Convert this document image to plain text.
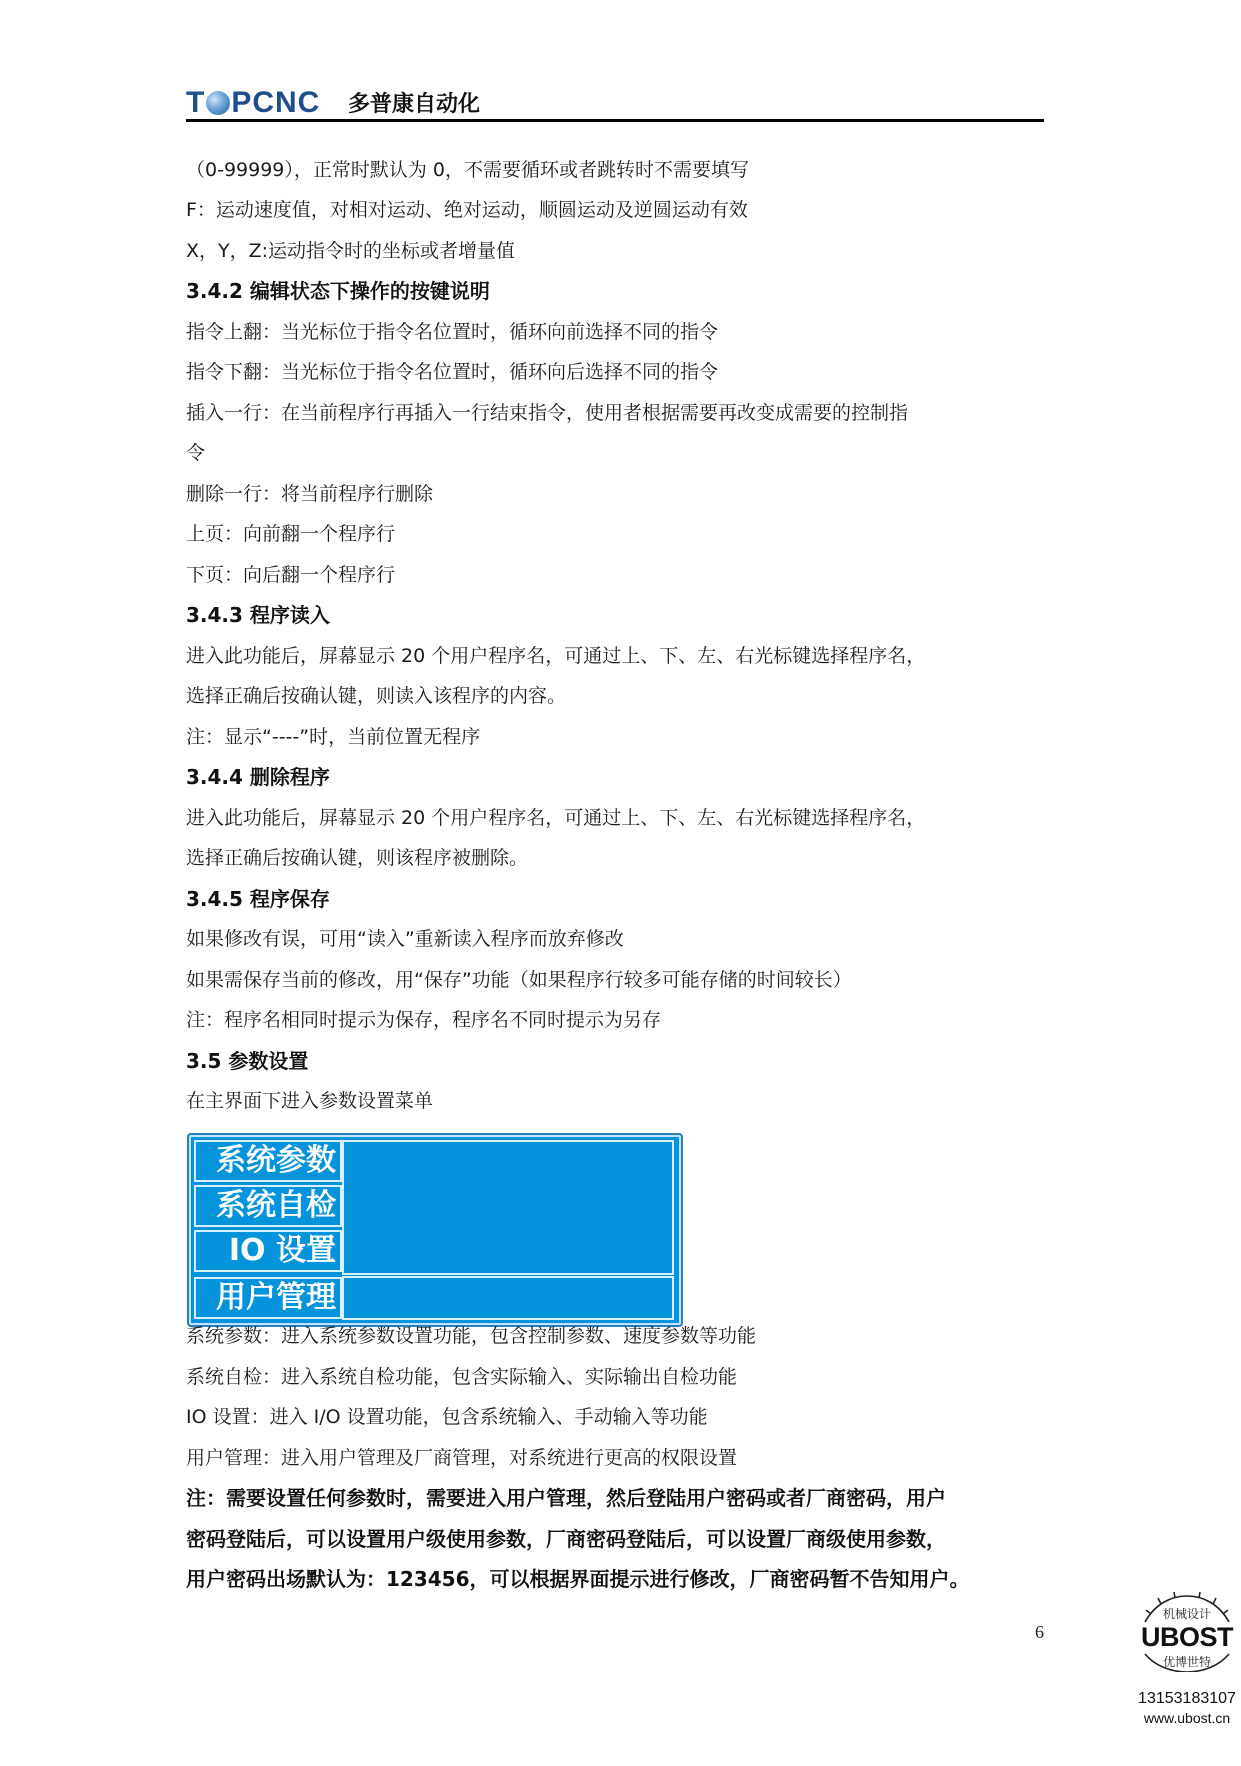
T PCNC 多普康自动化
（0-99999），正常时默认为 0，不需要循环或者跳转时不需要填写
F：运动速度值，对相对运动、绝对运动，顺圆运动及逆圆运动有效
X，Y，Z:运动指令时的坐标或者增量值
3.4.2 编辑状态下操作的按键说明
指令上翻：当光标位于指令名位置时，循环向前选择不同的指令
指令下翻：当光标位于指令名位置时，循环向后选择不同的指令
插入一行：在当前程序行再插入一行结束指令，使用者根据需要再改变成需要的控制指
令
删除一行：将当前程序行删除
上页：向前翻一个程序行
下页：向后翻一个程序行
3.4.3 程序读入
进入此功能后，屏幕显示 20 个用户程序名，可通过上、下、左、右光标键选择程序名，
选择正确后按确认键，则读入该程序的内容。
注：显示“----”时，当前位置无程序
3.4.4 删除程序
进入此功能后，屏幕显示 20 个用户程序名，可通过上、下、左、右光标键选择程序名，
选择正确后按确认键，则该程序被删除。
3.4.5 程序保存
如果修改有误，可用“读入”重新读入程序而放弃修改
如果需保存当前的修改，用“保存”功能（如果程序行较多可能存储的时间较长）
注：程序名相同时提示为保存，程序名不同时提示为另存
3.5 参数设置
在主界面下进入参数设置菜单
系统参数
系统自检
IO 设置
用户管理
系统参数：进入系统参数设置功能，包含控制参数、速度参数等功能
系统自检：进入系统自检功能，包含实际输入、实际输出自检功能
IO 设置：进入 I/O 设置功能，包含系统输入、手动输入等功能
用户管理：进入用户管理及厂商管理，对系统进行更高的权限设置
注：需要设置任何参数时，需要进入用户管理，然后登陆用户密码或者厂商密码，用户
密码登陆后，可以设置用户级使用参数，厂商密码登陆后，可以设置厂商级使用参数，
用户密码出场默认为：123456，可以根据界面提示进行修改，厂商密码暂不告知用户。
6
机械设计
优博世特
UBOST
13153183107
www.ubost.cn
